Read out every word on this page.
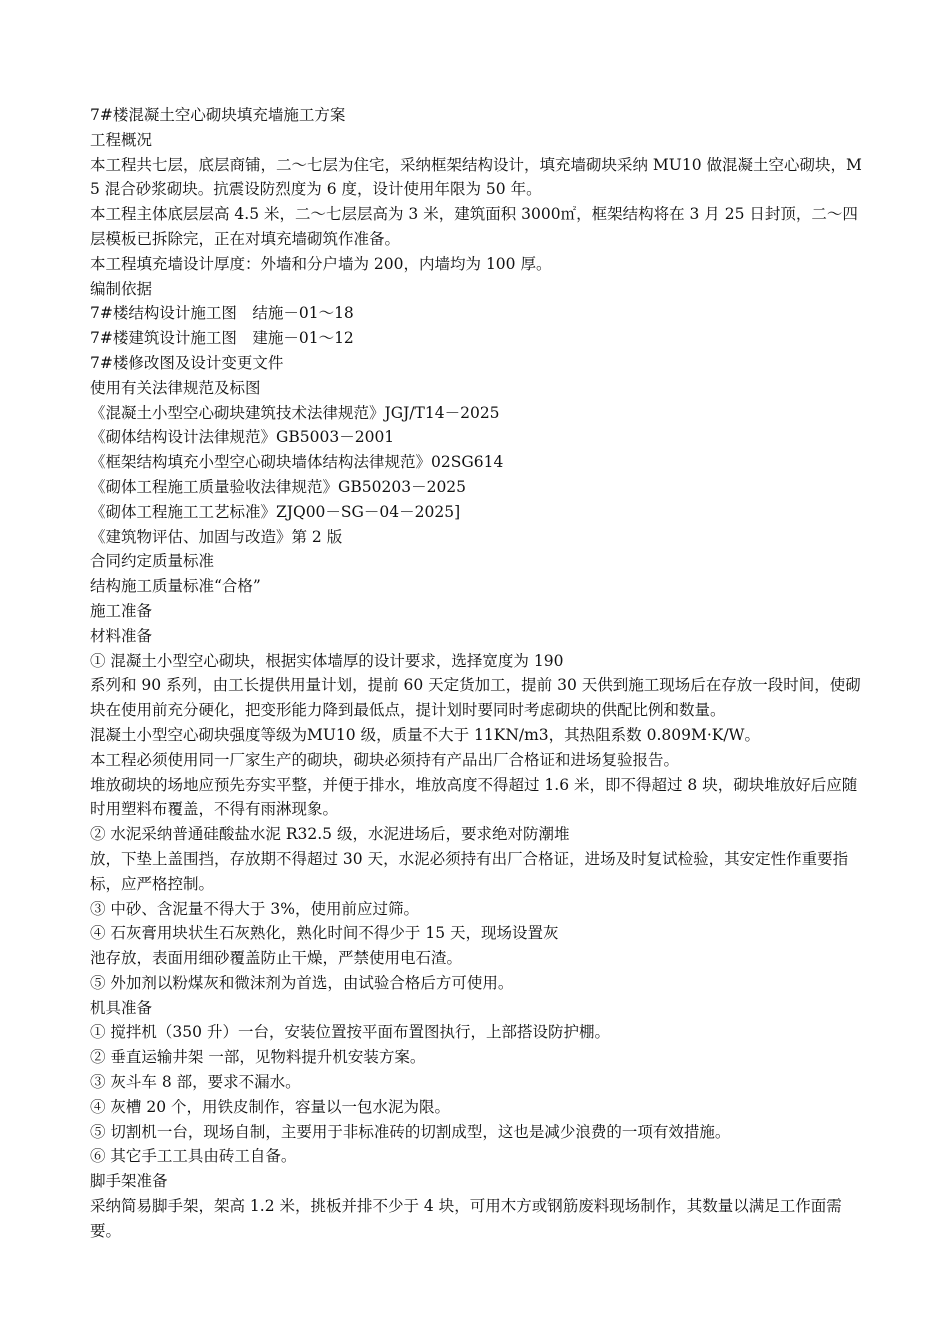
7#楼混凝土空心砌块填充墙施工方案

工程概况

本工程共七层，底层商铺，二～七层为住宅，采纳框架结构设计，填充墙砌块采纳 MU10 做混凝土空心砌块，M5 混合砂浆砌块。抗震设防烈度为 6 度，设计使用年限为 50 年。

本工程主体底层层高 4.5 米，二～七层层高为 3 米，建筑面积 3000㎡，框架结构将在 3 月 25 日封顶，二～四层模板已拆除完，正在对填充墙砌筑作准备。

本工程填充墙设计厚度：外墙和分户墙为 200，内墙均为 100 厚。

编制依据

7#楼结构设计施工图　结施－01～18

7#楼建筑设计施工图　建施－01～12

7#楼修改图及设计变更文件

使用有关法律规范及标图

《混凝土小型空心砌块建筑技术法律规范》JGJ/T14－2025

《砌体结构设计法律规范》GB5003－2001

《框架结构填充小型空心砌块墙体结构法律规范》02SG614

《砌体工程施工质量验收法律规范》GB50203－2025

《砌体工程施工工艺标准》ZJQ00－SG－04－2025]

《建筑物评估、加固与改造》第 2 版

合同约定质量标准

结构施工质量标准“合格”

施工准备

材料准备

① 混凝土小型空心砌块，根据实体墙厚的设计要求，选择宽度为 190

系列和 90 系列，由工长提供用量计划，提前 60 天定货加工，提前 30 天供到施工现场后在存放一段时间，使砌块在使用前充分硬化，把变形能力降到最低点，提计划时要同时考虑砌块的供配比例和数量。

混凝土小型空心砌块强度等级为MU10 级，质量不大于 11KN/m3，其热阻系数 0.809M·K/W。

本工程必须使用同一厂家生产的砌块，砌块必须持有产品出厂合格证和进场复验报告。

堆放砌块的场地应预先夯实平整，并便于排水，堆放高度不得超过 1.6 米，即不得超过 8 块，砌块堆放好后应随时用塑料布覆盖，不得有雨淋现象。

② 水泥采纳普通硅酸盐水泥 R32.5 级，水泥进场后，要求绝对防潮堆

放，下垫上盖围挡，存放期不得超过 30 天，水泥必须持有出厂合格证，进场及时复试检验，其安定性作重要指标，应严格控制。

③ 中砂、含泥量不得大于 3%，使用前应过筛。

④ 石灰膏用块状生石灰熟化，熟化时间不得少于 15 天，现场设置灰

池存放，表面用细砂覆盖防止干燥，严禁使用电石渣。

⑤ 外加剂以粉煤灰和微沫剂为首选，由试验合格后方可使用。

机具准备

① 搅拌机（350 升）一台，安装位置按平面布置图执行，上部搭设防护棚。

② 垂直运输井架 一部，见物料提升机安装方案。

③ 灰斗车 8 部，要求不漏水。

④ 灰槽 20 个，用铁皮制作，容量以一包水泥为限。

⑤ 切割机一台，现场自制，主要用于非标准砖的切割成型，这也是减少浪费的一项有效措施。

⑥ 其它手工工具由砖工自备。

脚手架准备

采纳简易脚手架，架高 1.2 米，挑板并排不少于 4 块，可用木方或钢筋废料现场制作，其数量以满足工作面需要。
